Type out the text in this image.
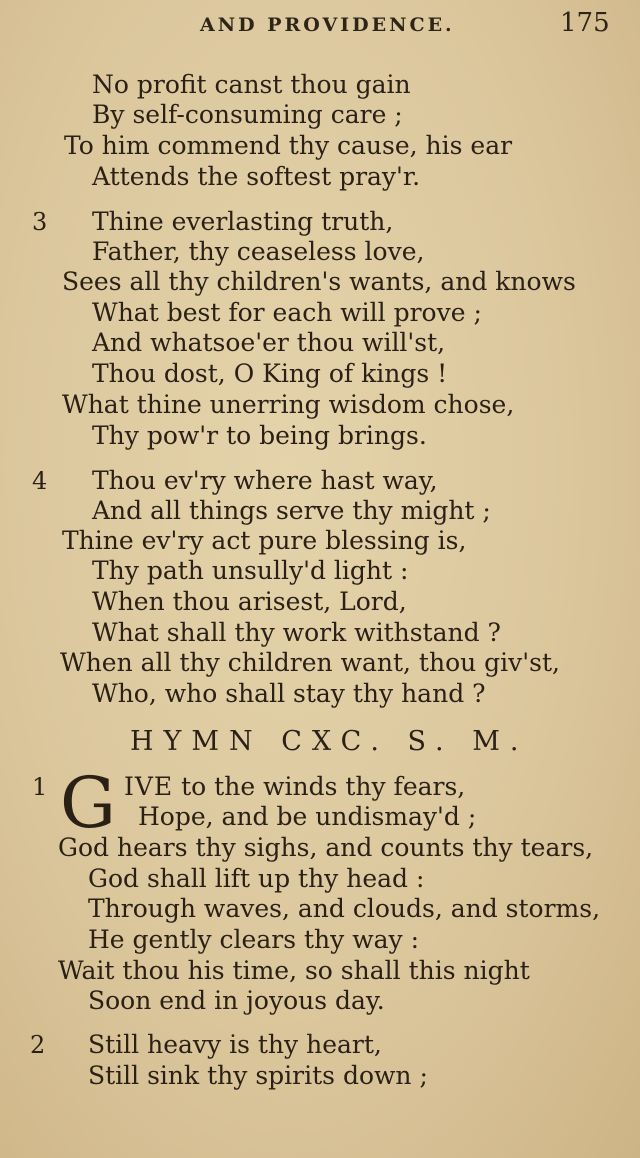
AND PROVIDENCE.	175
No profit canst thou gain
By self-consuming care ;
To him commend thy cause, his ear
Attends the softest pray'r.
3 Thine everlasting truth,
Father, thy ceaseless love,
Sees all thy children's wants, and knows
What best for each will prove ;
And whatsoe'er thou will'st,
Thou dost, O King of kings !
What thine unerring wisdom chose,
Thy pow'r to being brings.
4 Thou ev'ry where hast way,
And all things serve thy might ;
Thine ev'ry act pure blessing is,
Thy path unsully'd light :
When thou arisest, Lord,
What shall thy work withstand ?
When all thy children want, thou giv'st,
Who, who shall stay thy hand ?
HYMN CXC. S. M.
1 G IVE to the winds thy fears,
Hope, and be undismay'd ;
God hears thy sighs, and counts thy tears,
God shall lift up thy head :
Through waves, and clouds, and storms,
He gently clears thy way :
Wait thou his time, so shall this night
Soon end in joyous day.
2 Still heavy is thy heart,
Still sink thy spirits down ;
